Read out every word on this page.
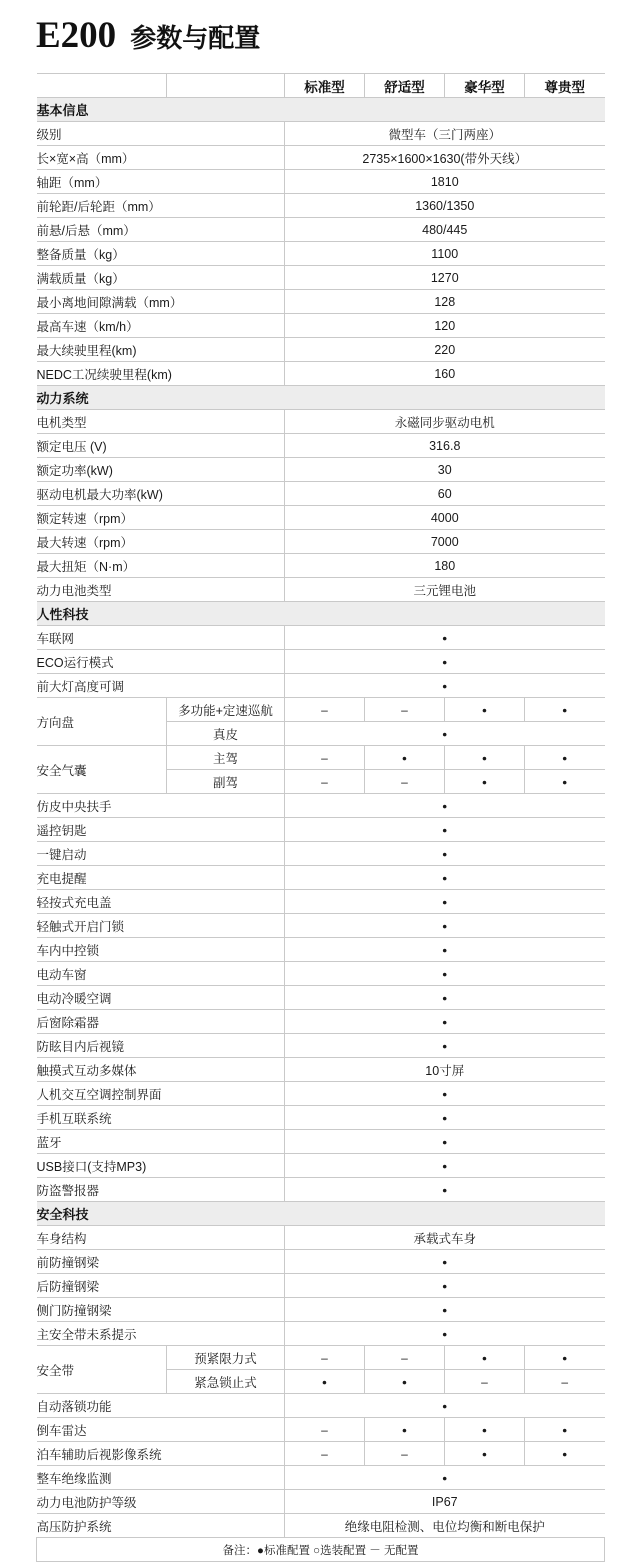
E200 参数与配置
		标准型	舒适型	豪华型	尊贵型
基本信息					
级别		微型车（三门两座）			
长×宽×高（mm）		2735×1600×1630(带外天线）			
轴距（mm）		1810			
前轮距/后轮距（mm）		1360/1350			
前悬/后悬（mm）		480/445			
整备质量（kg）		1100			
满载质量（kg）		1270			
最小离地间隙满载（mm）		128			
最高车速（km/h）		120			
最大续驶里程(km)		220			
NEDC工况续驶里程(km)		160			
动力系统					
电机类型		永磁同步驱动电机			
额定电压 (V)		316.8			
额定功率(kW)		30			
驱动电机最大功率(kW)		60			
额定转速（rpm）		4000			
最大转速（rpm）		7000			
最大扭矩（N·m）		180			
动力电池类型		三元锂电池			
人性科技					
车联网	●
ECO运行模式	●
前大灯高度可调	●
方向盘	多功能+定速巡航	–	–	●	●
	真皮	●
安全气囊	主驾	–	●	●	●
	副驾	–	–	●	●
仿皮中央扶手	●
遥控钥匙	●
一键启动	●
充电提醒	●
轻按式充电盖	●
轻触式开启门锁	●
车内中控锁	●
电动车窗	●
电动冷暖空调	●
后窗除霜器	●
防眩目内后视镜	●
触摸式互动多媒体		10寸屏			
人机交互空调控制界面	●
手机互联系统	●
蓝牙	●
USB接口(支持MP3)	●
防盗警报器	●
安全科技					
车身结构		承载式车身			
前防撞钢梁	●
后防撞钢梁	●
侧门防撞钢梁	●
主安全带未系提示	●
安全带	预紧限力式	–	–	●	●
	紧急锁止式	●	●	–	–
自动落锁功能	●
倒车雷达	–	●	●	●
泊车辅助后视影像系统	–	–	●	●
整车绝缘监测	●
动力电池防护等级		IP67			
高压防护系统		绝缘电阻检测、电位均衡和断电保护			
备注：●标准配置 ○选装配置 － 无配置					
